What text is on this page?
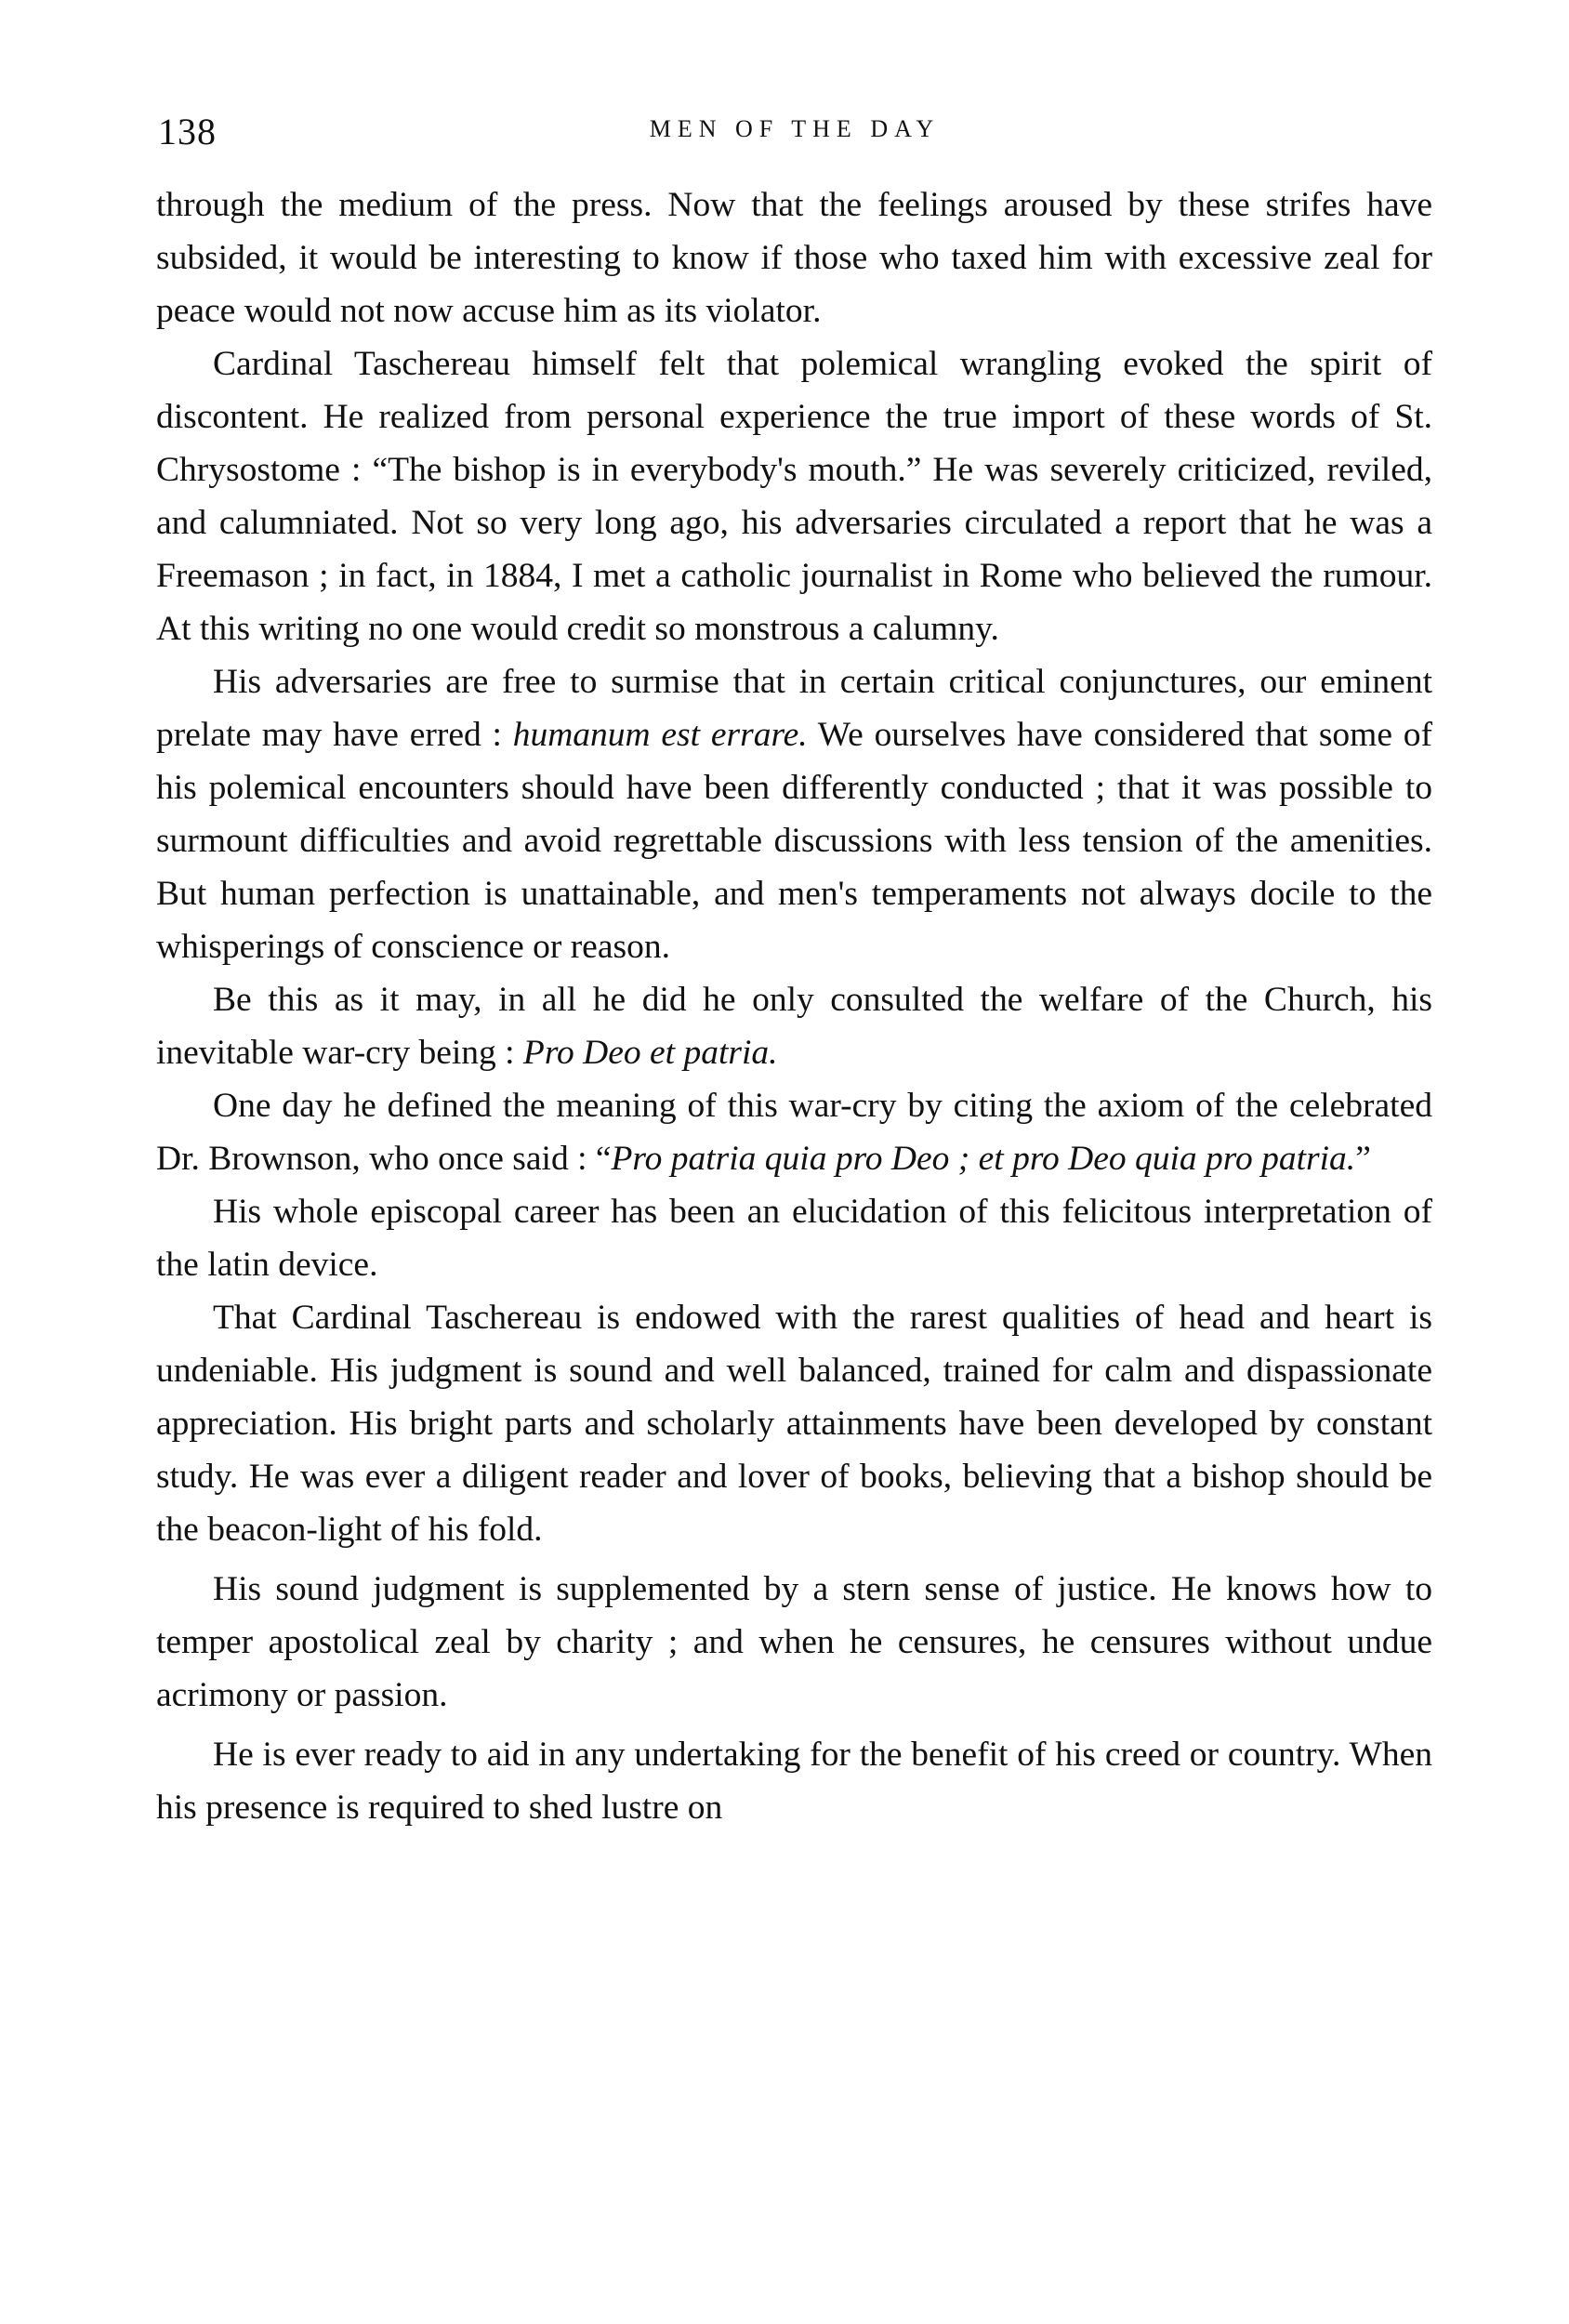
138	MEN OF THE DAY

through the medium of the press. Now that the feelings aroused by these strifes have subsided, it would be interesting to know if those who taxed him with excessive zeal for peace would not now accuse him as its violator.

Cardinal Taschereau himself felt that polemical wrangling evoked the spirit of discontent. He realized from personal experience the true import of these words of St. Chrysostome : “The bishop is in everybody's mouth.” He was severely criticized, reviled, and calumniated. Not so very long ago, his adversaries circulated a report that he was a Freemason ; in fact, in 1884, I met a catholic journalist in Rome who believed the rumour. At this writing no one would credit so monstrous a calumny.

His adversaries are free to surmise that in certain critical conjunctures, our eminent prelate may have erred : humanum est errare. We ourselves have considered that some of his polemical encounters should have been differently conducted ; that it was possible to surmount difficulties and avoid regrettable discussions with less tension of the amenities. But human perfection is unattainable, and men's temperaments not always docile to the whisperings of conscience or reason.

Be this as it may, in all he did he only consulted the welfare of the Church, his inevitable war-cry being : Pro Deo et patria.

One day he defined the meaning of this war-cry by citing the axiom of the celebrated Dr. Brownson, who once said : “Pro patria quia pro Deo ; et pro Deo quia pro patria.”

His whole episcopal career has been an elucidation of this felicitous interpretation of the latin device.

That Cardinal Taschereau is endowed with the rarest qualities of head and heart is undeniable. His judgment is sound and well balanced, trained for calm and dispassionate appreciation. His bright parts and scholarly attainments have been developed by constant study. He was ever a diligent reader and lover of books, believing that a bishop should be the beacon-light of his fold.

His sound judgment is supplemented by a stern sense of justice. He knows how to temper apostolical zeal by charity ; and when he censures, he censures without undue acrimony or passion.

He is ever ready to aid in any undertaking for the benefit of his creed or country. When his presence is required to shed lustre on
